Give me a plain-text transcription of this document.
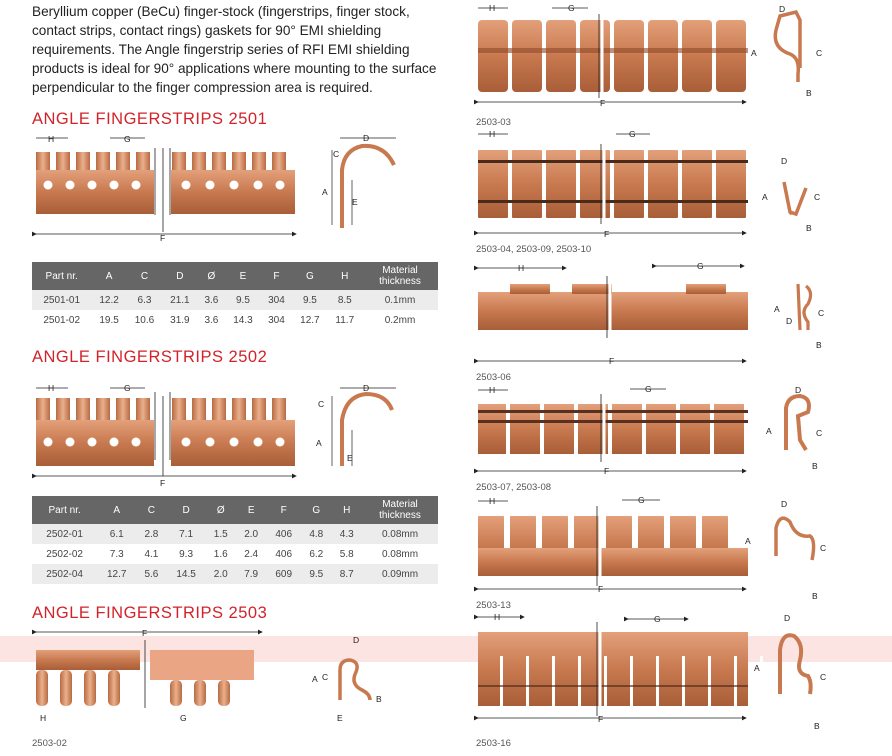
Beryllium copper (BeCu) finger-stock (fingerstrips, finger stock, contact strips, contact rings) gaskets for 90° EMI shielding requirements. The Angle fingerstrip series of RFI EMI shielding products is ideal for 90° applications where mounting to the surface perpendicular to the finger compression area is required.
ANGLE FINGERSTRIPS 2501
ANGLE FINGERSTRIPS 2502
ANGLE FINGERSTRIPS 2503
Part nr.	A	C	D	Ø	E	F	G	H	Material thickness
2501-01	12.2	6.3	21.1	3.6	9.5	304	9.5	8.5	0.1mm
2501-02	19.5	10.6	31.9	3.6	14.3	304	12.7	11.7	0.2mm
Part nr.	A	C	D	Ø	E	F	G	H	Material thickness
2502-01	6.1	2.8	7.1	1.5	2.0	406	4.8	4.3	0.08mm
2502-02	7.3	4.1	9.3	1.6	2.4	406	6.2	5.8	0.08mm
2502-04	12.7	5.6	14.5	2.0	7.9	609	9.5	8.7	0.09mm
2503-02
2503-03
2503-04, 2503-09, 2503-10
2503-06
2503-07, 2503-08
2503-13
2503-16
F
H	G	D
A
C
E
F
H	G	D
A
C
E
F
H	G
D
A C
B
E
H	G
F
H	G
F
H	G
F
H	G
F
H	G
F
H	G
F
D
A	C
B
D
A	C
B
A
D
C
B
D
A	C
B
D
A
C
B
D
A
C
B
